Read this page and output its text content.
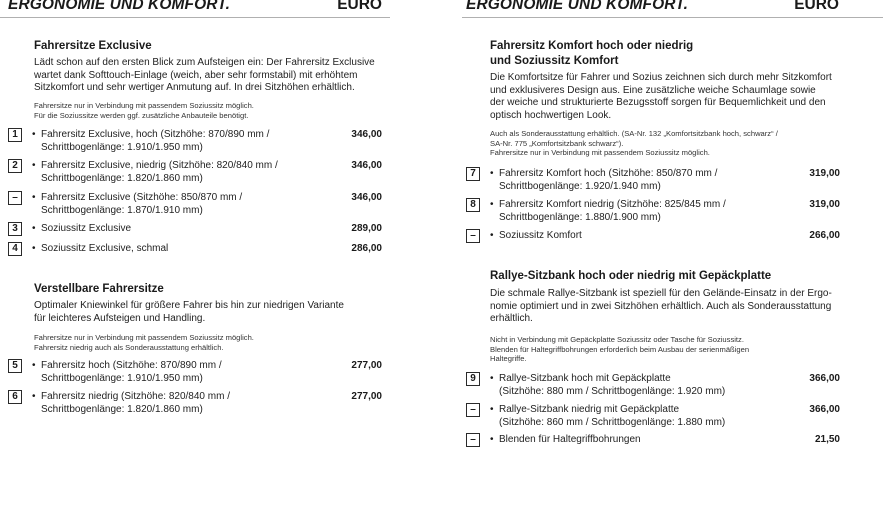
ERGONOMIE UND KOMFORT.	EURO
Fahrersitze Exclusive
Lädt schon auf den ersten Blick zum Aufsteigen ein: Der Fahrersitz Exclusive
wartet dank Softtouch-Einlage (weich, aber sehr formstabil) mit erhöhtem
Sitzkomfort und sehr wertiger Anmutung auf. In drei Sitzhöhen erhältlich.
Fahrersitze nur in Verbindung mit passendem Soziussitz möglich.
Für die Soziussitze werden ggf. zusätzliche Anbauteile benötigt.
1	• Fahrersitz Exclusive, hoch (Sitzhöhe: 870/890 mm /
Schrittbogenlänge: 1.910/1.950 mm)
346,00
2	• Fahrersitz Exclusive, niedrig (Sitzhöhe: 820/840 mm /
Schrittbogenlänge: 1.820/1.860 mm)
346,00
–	• Fahrersitz Exclusive (Sitzhöhe: 850/870 mm /
Schrittbogenlänge: 1.870/1.910 mm)
346,00
3	• Soziussitz Exclusive	289,00
4	• Soziussitz Exclusive, schmal	286,00
Verstellbare Fahrersitze
Optimaler Kniewinkel für größere Fahrer bis hin zur niedrigen Variante
für leichteres Aufsteigen und Handling.
Fahrersitze nur in Verbindung mit passendem Soziussitz möglich.
Fahrersitz niedrig auch als Sonderausstattung erhältlich.
5	• Fahrersitz hoch (Sitzhöhe: 870/890 mm /
Schrittbogenlänge: 1.910/1.950 mm)
277,00
6	• Fahrersitz niedrig (Sitzhöhe: 820/840 mm /
Schrittbogenlänge: 1.820/1.860 mm)
277,00
ERGONOMIE UND KOMFORT.	EURO
Fahrersitz Komfort hoch oder niedrig
und Soziussitz Komfort
Die Komfortsitze für Fahrer und Sozius zeichnen sich durch mehr Sitzkomfort
und exklusiveres Design aus. Eine zusätzliche weiche Schaumlage sowie
der weiche und strukturierte Bezugsstoff sorgen für Bequemlichkeit und den
optisch hochwertigen Look.
Auch als Sonderausstattung erhältlich. (SA-Nr. 132 „Komfortsitzbank hoch, schwarz“ /
SA-Nr. 775 „Komfortsitzbank schwarz“).
Fahrersitze nur in Verbindung mit passendem Soziussitz möglich.
7	• Fahrersitz Komfort hoch (Sitzhöhe: 850/870 mm /
Schrittbogenlänge: 1.920/1.940 mm)
319,00
8	• Fahrersitz Komfort niedrig (Sitzhöhe: 825/845 mm /
Schrittbogenlänge: 1.880/1.900 mm)
319,00
–	• Soziussitz Komfort	266,00
Rallye-Sitzbank hoch oder niedrig mit Gepäckplatte
Die schmale Rallye-Sitzbank ist speziell für den Gelände-Einsatz in der Ergo-
nomie optimiert und in zwei Sitzhöhen erhältlich. Auch als Sonderausstattung
erhältlich.
Nicht in Verbindung mit Gepäckplatte Soziussitz oder Tasche für Soziussitz.
Blenden für Haltegriffbohrungen erforderlich beim Ausbau der serienmäßigen
Haltegriffe.
9	• Rallye-Sitzbank hoch mit Gepäckplatte
(Sitzhöhe: 880 mm / Schrittbogenlänge: 1.920 mm)
366,00
–	• Rallye-Sitzbank niedrig mit Gepäckplatte
(Sitzhöhe: 860 mm / Schrittbogenlänge: 1.880 mm)
366,00
–	• Blenden für Haltegriffbohrungen	21,50
